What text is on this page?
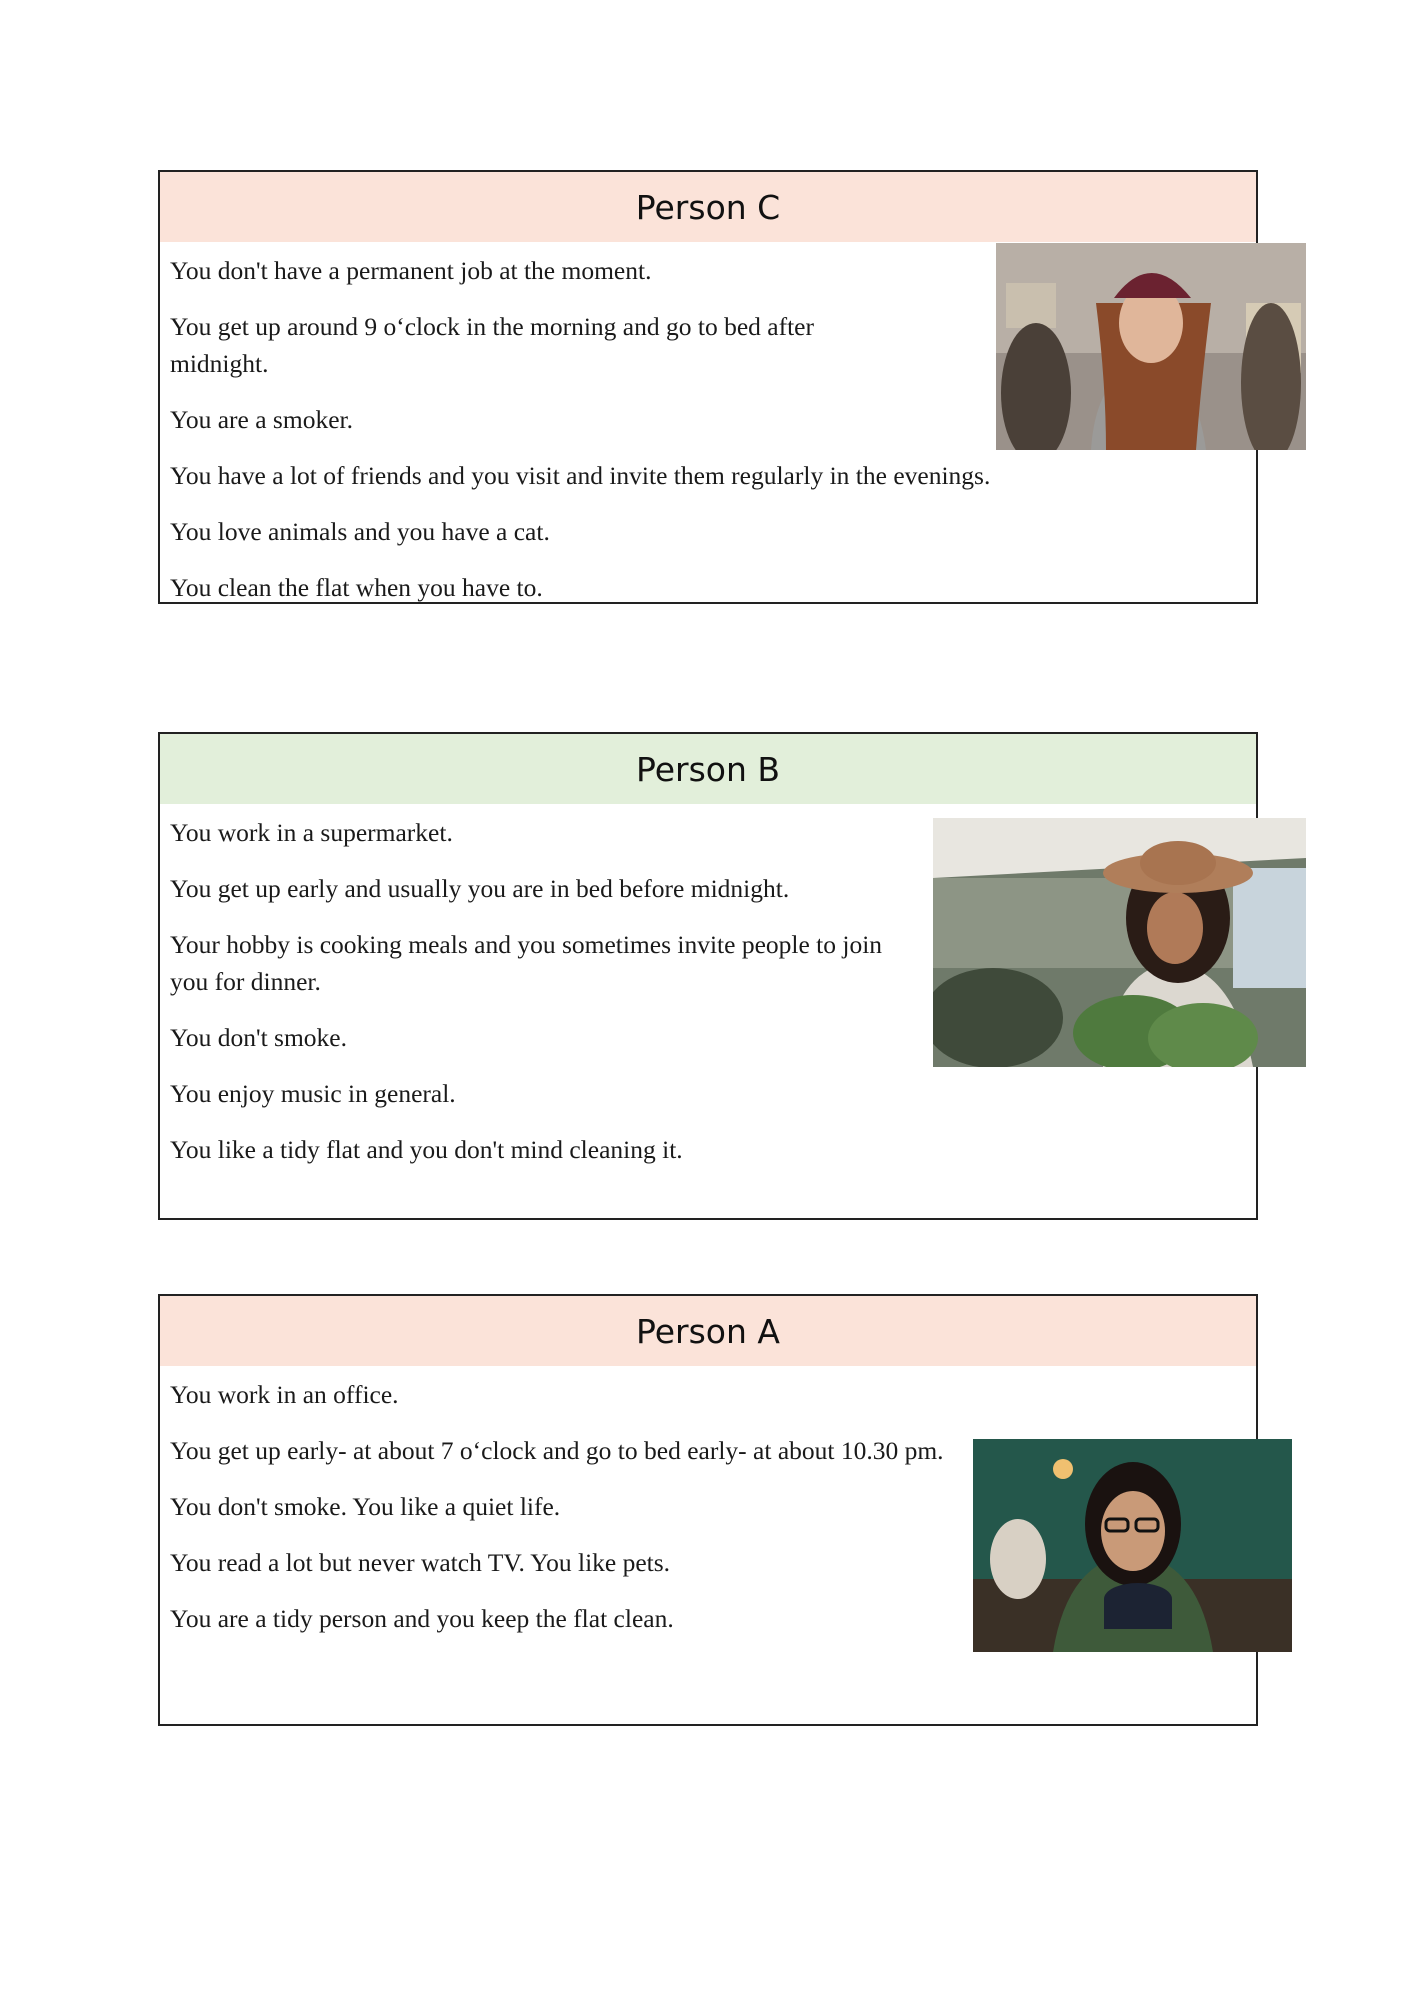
Person C

You don't have a permanent job at the moment.

You get up around 9 o‘clock in the morning and go to bed after midnight.

You are a smoker.

You have a lot of friends and you visit and invite them regularly in the evenings.

You love animals and you have a cat.

You clean the flat when you have to.

Person B

You work in a supermarket.

You get up early and usually you are in bed before midnight.

Your hobby is cooking meals and you sometimes invite people to join you for dinner.

You don't smoke.

You enjoy music in general.

You like a tidy flat and you don't mind cleaning it.

Person A

You work in an office.

You get up early- at about 7 o‘clock and go to bed early- at about 10.30 pm.

You don't smoke. You like a quiet life.

You read a lot but never watch TV. You like pets.

You are a tidy person and you keep the flat clean.
